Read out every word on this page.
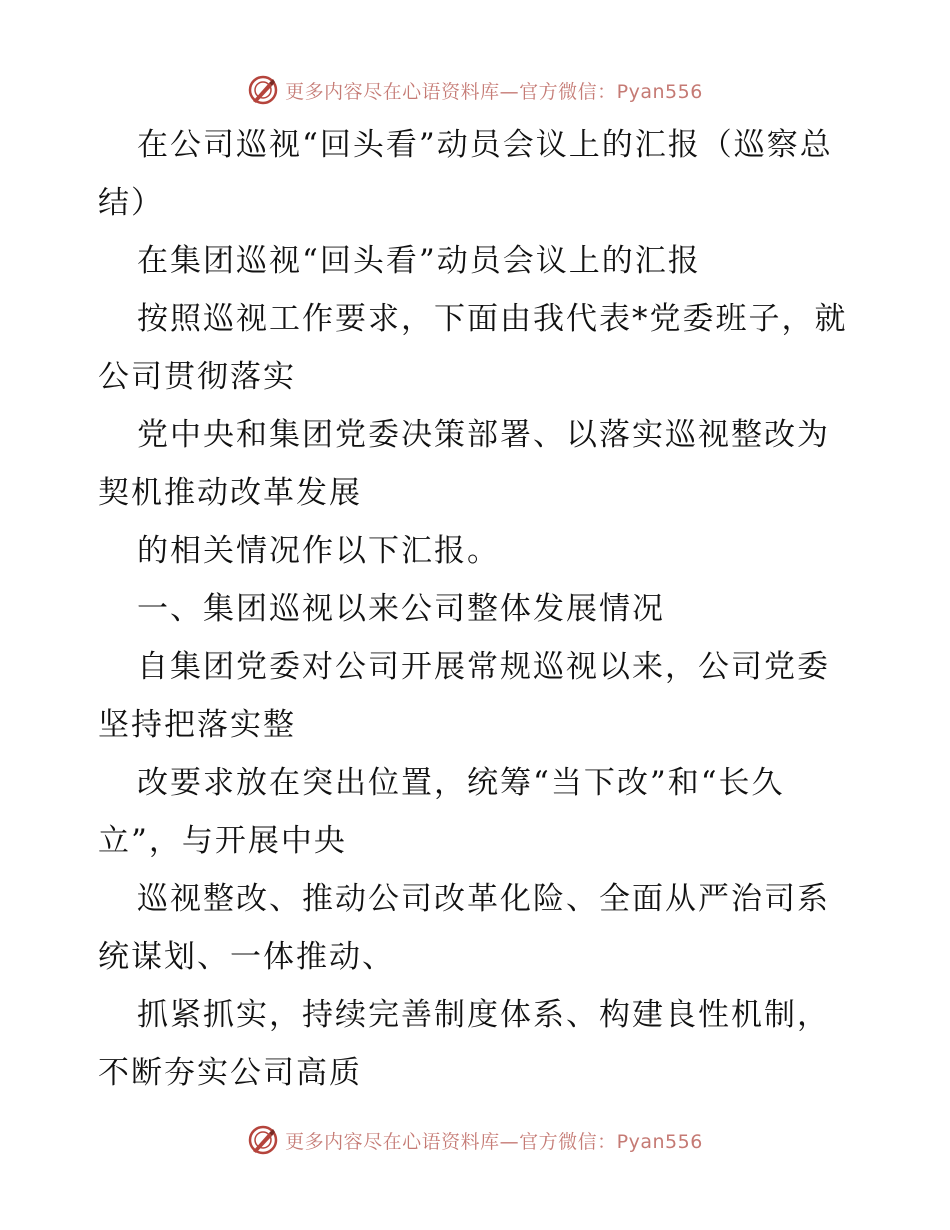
更多内容尽在心语资料库—官方微信：Pyan556

在公司巡视“回头看”动员会议上的汇报（巡察总结）

在集团巡视“回头看”动员会议上的汇报

按照巡视工作要求，下面由我代表*党委班子，就公司贯彻落实

党中央和集团党委决策部署、以落实巡视整改为契机推动改革发展

的相关情况作以下汇报。

一、集团巡视以来公司整体发展情况

自集团党委对公司开展常规巡视以来，公司党委坚持把落实整

改要求放在突出位置，统筹“当下改”和“长久立”，与开展中央

巡视整改、推动公司改革化险、全面从严治司系统谋划、一体推动、

抓紧抓实，持续完善制度体系、构建良性机制，不断夯实公司高质

更多内容尽在心语资料库—官方微信：Pyan556
